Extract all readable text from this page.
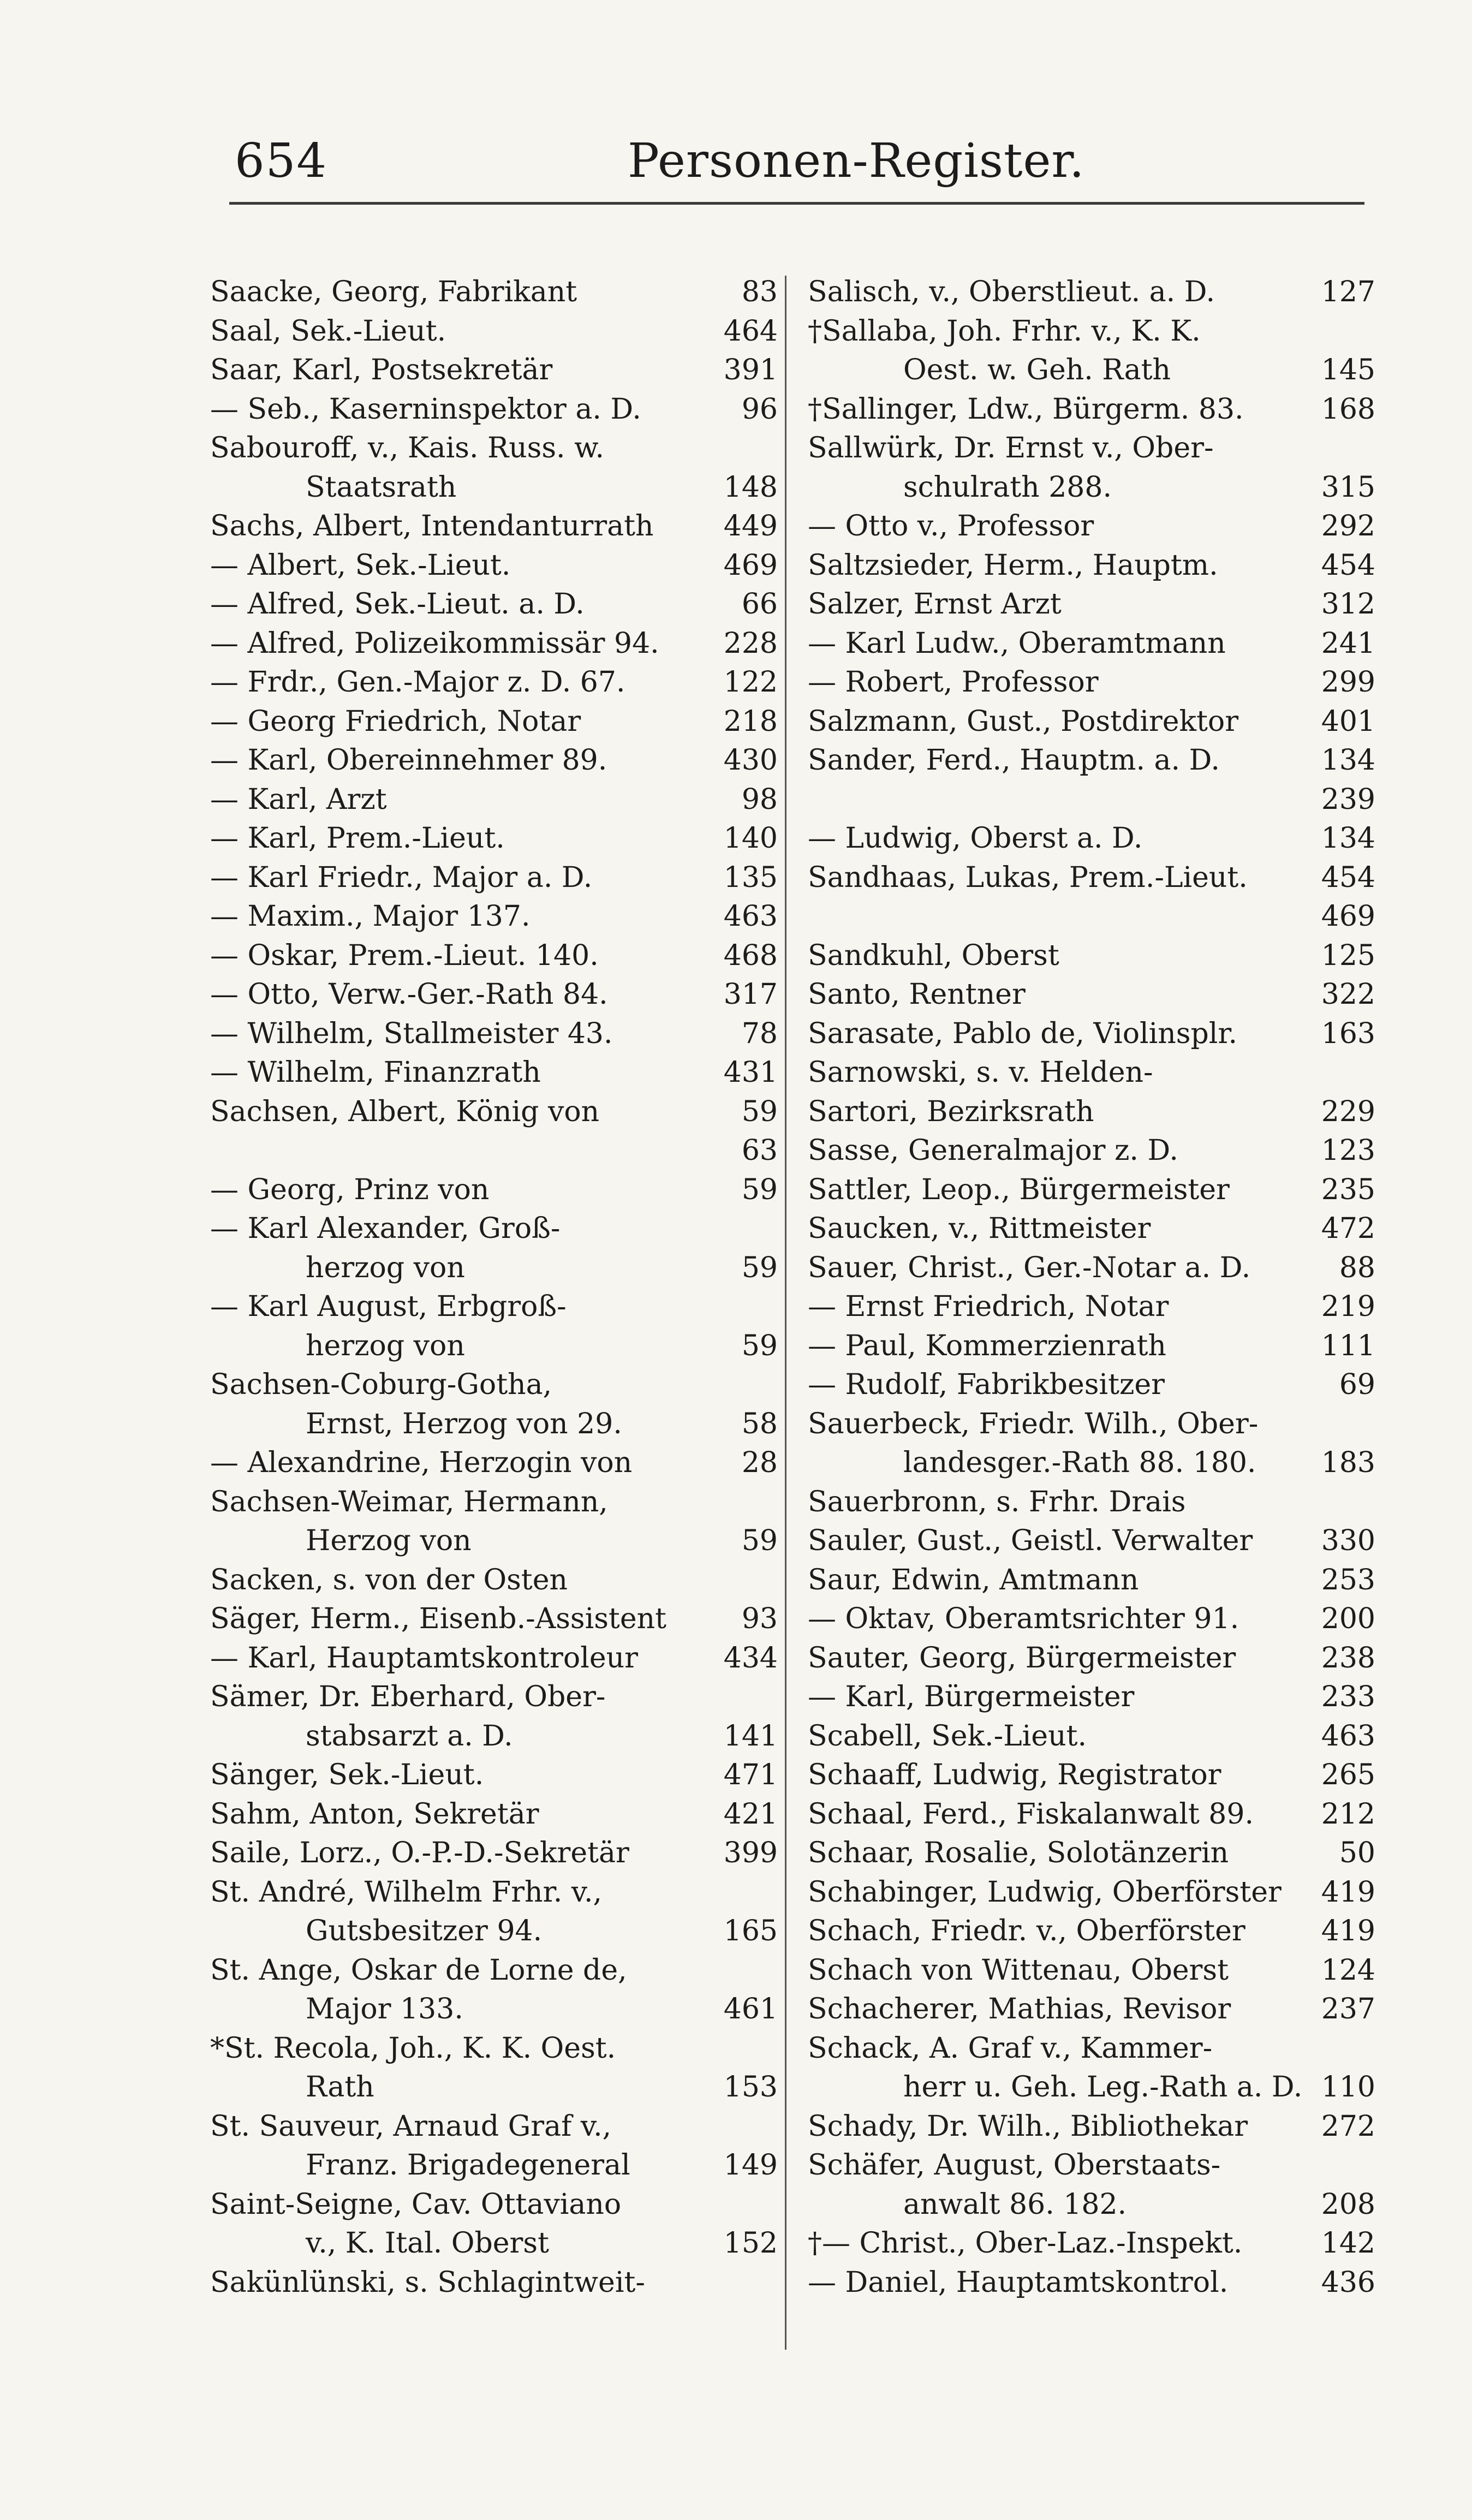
654	Personen-Register.
Saacke, Georg, Fabrikant	83
Saal, Sek.-Lieut.	464
Saar, Karl, Postsekretär	391
— Seb., Kaserninspektor a. D.	96
Sabouroff, v., Kais. Russ. w.
Staatsrath	148
Sachs, Albert, Intendanturrath 449
— Albert, Sek.-Lieut.	469
— Alfred, Sek.-Lieut. a. D.	66
— Alfred, Polizeikommissär 94. 228
— Frdr., Gen.-Major z. D. 67.	122
— Georg Friedrich, Notar	218
— Karl, Obereinnehmer 89.	430
— Karl, Arzt	98
— Karl, Prem.-Lieut.	140
— Karl Friedr., Major a. D.	135
— Maxim., Major 137.	463
— Oskar, Prem.-Lieut. 140.	468
— Otto, Verw.-Ger.-Rath 84.	317
— Wilhelm, Stallmeister 43.	78
— Wilhelm, Finanzrath	431
Sachsen, Albert, König von	59
63
— Georg, Prinz von	59
— Karl Alexander, Groß-
herzog von	59
— Karl August, Erbgroß-
herzog von	59
Sachsen-Coburg-Gotha,
Ernst, Herzog von 29.	58
— Alexandrine, Herzogin von	28
Sachsen-Weimar, Hermann,
Herzog von	59
Sacken, s. von der Osten
Säger, Herm., Eisenb.-Assistent	93
— Karl, Hauptamtskontroleur	434
Sämer, Dr. Eberhard, Ober-
stabsarzt a. D.	141
Sänger, Sek.-Lieut.	471
Sahm, Anton, Sekretär	421
Saile, Lorz., O.-P.-D.-Sekretär	399
St. André, Wilhelm Frhr. v.,
Gutsbesitzer 94.	165
St. Ange, Oskar de Lorne de,
Major 133.	461
*St. Recola, Joh., K. K. Oest.
Rath	153
St. Sauveur, Arnaud Graf v.,
Franz. Brigadegeneral	149
Saint-Seigne, Cav. Ottaviano
v., K. Ital. Oberst	152
Sakünlünski, s. Schlagintweit-
Salisch, v., Oberstlieut. a. D.	127
†Sallaba, Joh. Frhr. v., K. K.
Oest. w. Geh. Rath	145
†Sallinger, Ldw., Bürgerm. 83.	168
Sallwürk, Dr. Ernst v., Ober-
schulrath 288.	315
— Otto v., Professor	292
Saltzsieder, Herm., Hauptm.	454
Salzer, Ernst Arzt	312
— Karl Ludw., Oberamtmann	241
— Robert, Professor	299
Salzmann, Gust., Postdirektor	401
Sander, Ferd., Hauptm. a. D.	134
239
— Ludwig, Oberst a. D.	134
Sandhaas, Lukas, Prem.-Lieut.	454
469
Sandkuhl, Oberst	125
Santo, Rentner	322
Sarasate, Pablo de, Violinsplr.	163
Sarnowski, s. v. Helden-
Sartori, Bezirksrath	229
Sasse, Generalmajor z. D.	123
Sattler, Leop., Bürgermeister	235
Saucken, v., Rittmeister	472
Sauer, Christ., Ger.-Notar a. D.	88
— Ernst Friedrich, Notar	219
— Paul, Kommerzienrath	111
— Rudolf, Fabrikbesitzer	69
Sauerbeck, Friedr. Wilh., Ober-
landesger.-Rath 88. 180. 183
Sauerbronn, s. Frhr. Drais
Sauler, Gust., Geistl. Verwalter 330
Saur, Edwin, Amtmann	253
— Oktav, Oberamtsrichter 91.	200
Sauter, Georg, Bürgermeister	238
— Karl, Bürgermeister	233
Scabell, Sek.-Lieut.	463
Schaaff, Ludwig, Registrator	265
Schaal, Ferd., Fiskalanwalt 89. 212
Schaar, Rosalie, Solotänzerin	50
Schabinger, Ludwig, Oberförster 419
Schach, Friedr. v., Oberförster	419
Schach von Wittenau, Oberst	124
Schacherer, Mathias, Revisor	237
Schack, A. Graf v., Kammer-
herr u. Geh. Leg.-Rath a. D. 110
Schady, Dr. Wilh., Bibliothekar	272
Schäfer, August, Oberstaats-
anwalt 86. 182.	208
†— Christ., Ober-Laz.-Inspekt.	142
— Daniel, Hauptamtskontrol.	436
